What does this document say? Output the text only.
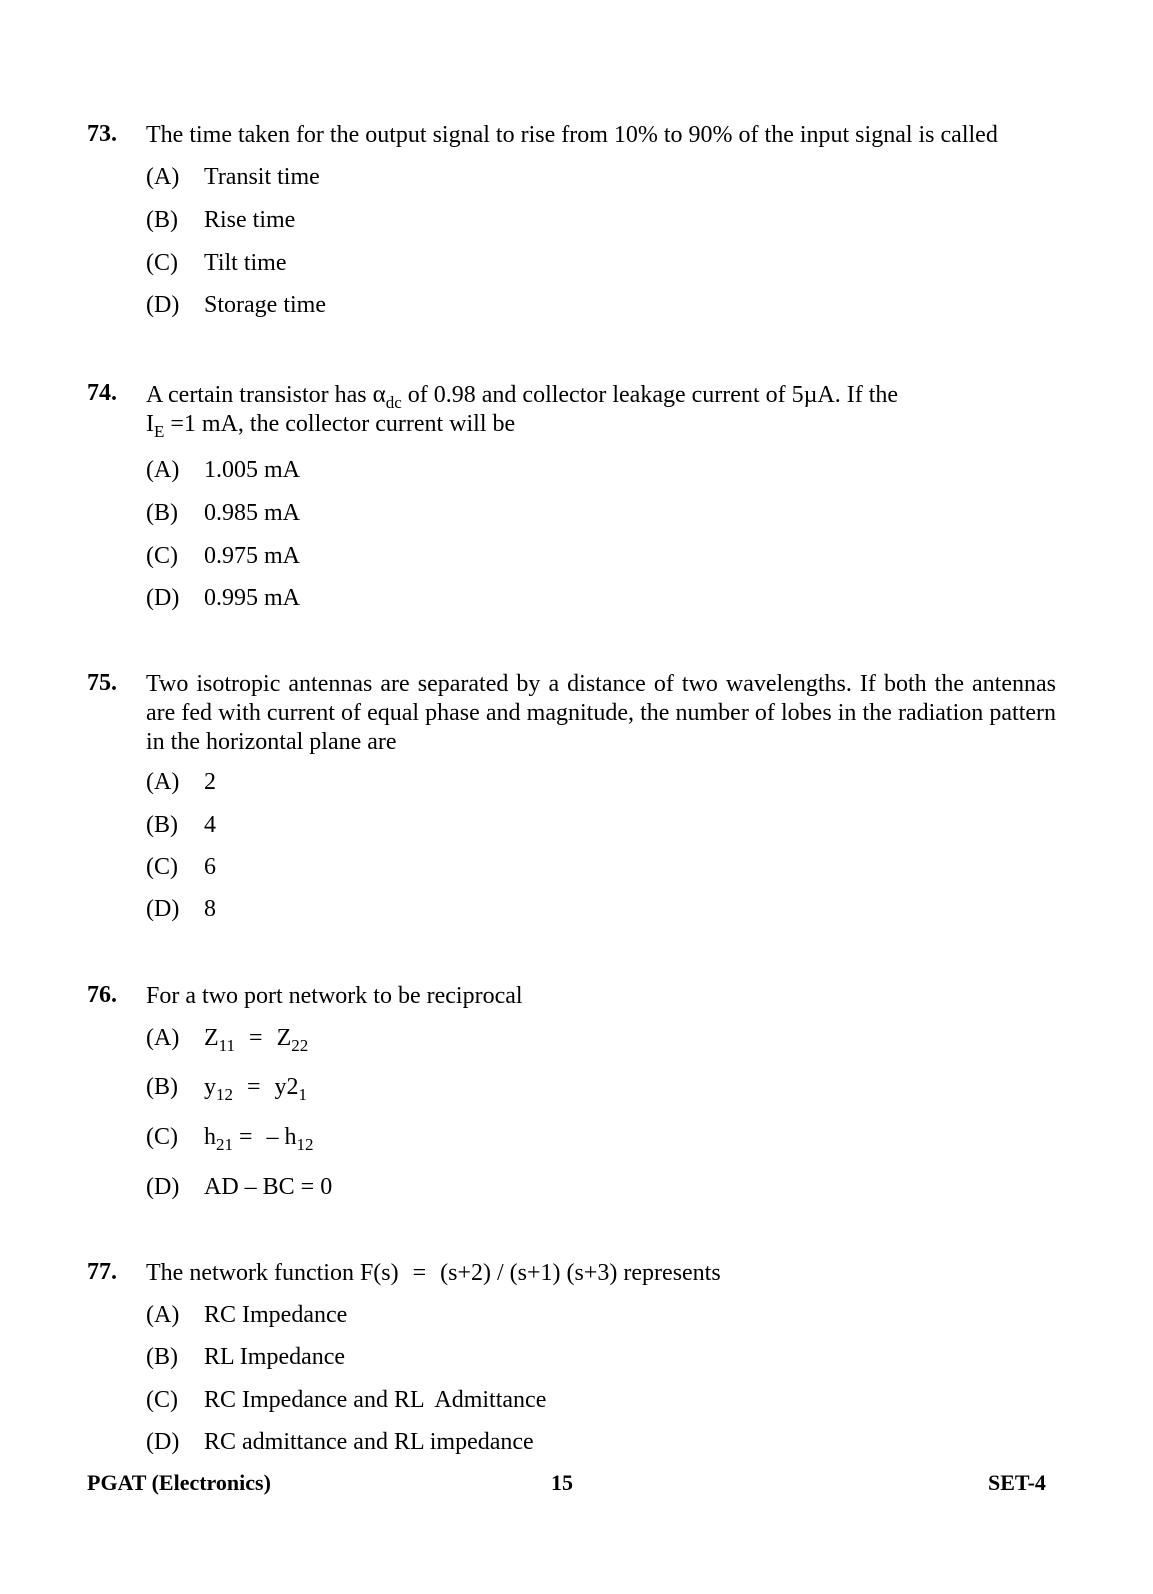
73. The time taken for the output signal to rise from 10% to 90% of the input signal is called
(A) Transit time
(B) Rise time
(C) Tilt time
(D) Storage time
74. A certain transistor has $\alpha_{dc}$ of 0.98 and collector leakage current of 5µA. If the
$I_E =1$ mA, the collector current will be
(A) 1.005 mA
(B) 0.985 mA
(C) 0.975 mA
(D) 0.995 mA
75. Two isotropic antennas are separated by a distance of two wavelengths. If both the antennas are fed with current of equal phase and magnitude, the number of lobes in the radiation pattern in the horizontal plane are
(A) 2
(B) 4
(C) 6
(D) 8
76. For a two port network to be reciprocal
(A) $Z_{11} = Z_{22}$
(B) $y_{12} = y2_1$
(C) $h_{21}$ = – $h_{12}$
(D) AD – BC = 0
77. The network function F(s) = (s+2) / (s+1) (s+3) represents
(A) RC Impedance
(B) RL Impedance
(C) RC Impedance and RL  Admittance
(D) RC admittance and RL impedance
PGAT (Electronics)	15	SET-4
